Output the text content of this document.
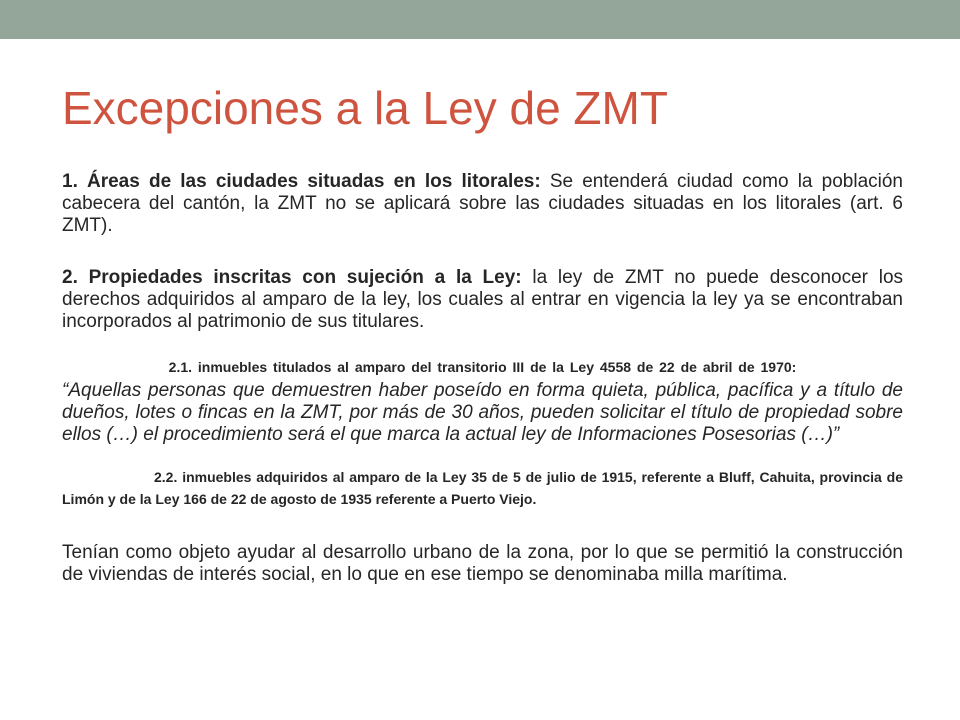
Excepciones a la Ley de ZMT

1. Áreas de las ciudades situadas en los litorales: Se entenderá ciudad como la población cabecera del cantón, la ZMT no se aplicará sobre las ciudades situadas en los litorales (art. 6 ZMT).

2. Propiedades inscritas con sujeción a la Ley: la ley de ZMT no puede desconocer los derechos adquiridos al amparo de la ley, los cuales al entrar en vigencia la ley ya se encontraban incorporados al patrimonio de sus titulares.

2.1. inmuebles titulados al amparo del transitorio III de la Ley 4558 de 22 de abril de 1970:

“Aquellas personas que demuestren haber poseído en forma quieta, pública, pacífica y a título de dueños, lotes o fincas en la ZMT, por más de 30 años, pueden solicitar el título de propiedad sobre ellos (…) el procedimiento será el que marca la actual ley de Informaciones Posesorias (…)”

2.2. inmuebles adquiridos al amparo de la Ley 35 de 5 de julio de 1915, referente a Bluff, Cahuita, provincia de Limón y de la Ley 166 de 22 de agosto de 1935 referente a Puerto Viejo.

Tenían como objeto ayudar al desarrollo urbano de la zona, por lo que se permitió la construcción de viviendas de interés social, en lo que en ese tiempo se denominaba milla marítima.
